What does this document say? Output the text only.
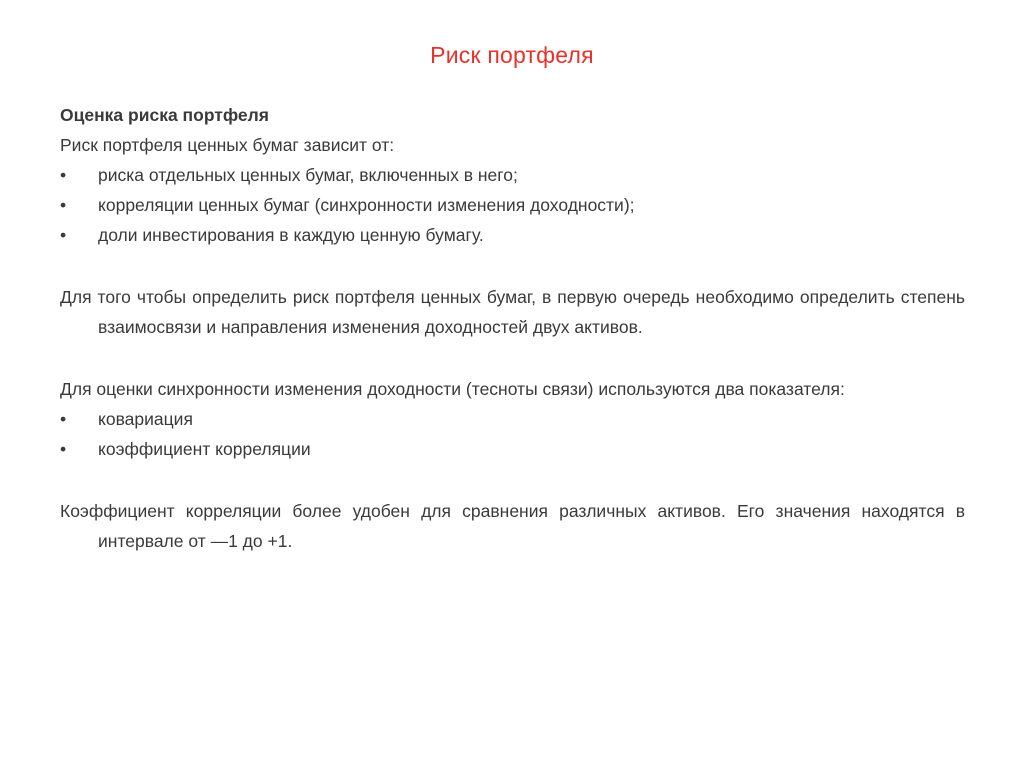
Риск портфеля

Оценка риска портфеля

Риск портфеля ценных бумаг зависит от:

• риска отдельных ценных бумаг, включенных в него;
• корреляции ценных бумаг (синхронности изменения доходности);
• доли инвестирования в каждую ценную бумагу.

Для того чтобы определить риск портфеля ценных бумаг, в первую очередь необходимо определить степень взаимосвязи и направления изменения доходностей двух активов.

Для оценки синхронности изменения доходности (тесноты связи) используются два показателя:

• ковариация
• коэффициент корреляции

Коэффициент корреляции более удобен для сравнения различных активов. Его значения находятся в интервале от —1 до +1.
